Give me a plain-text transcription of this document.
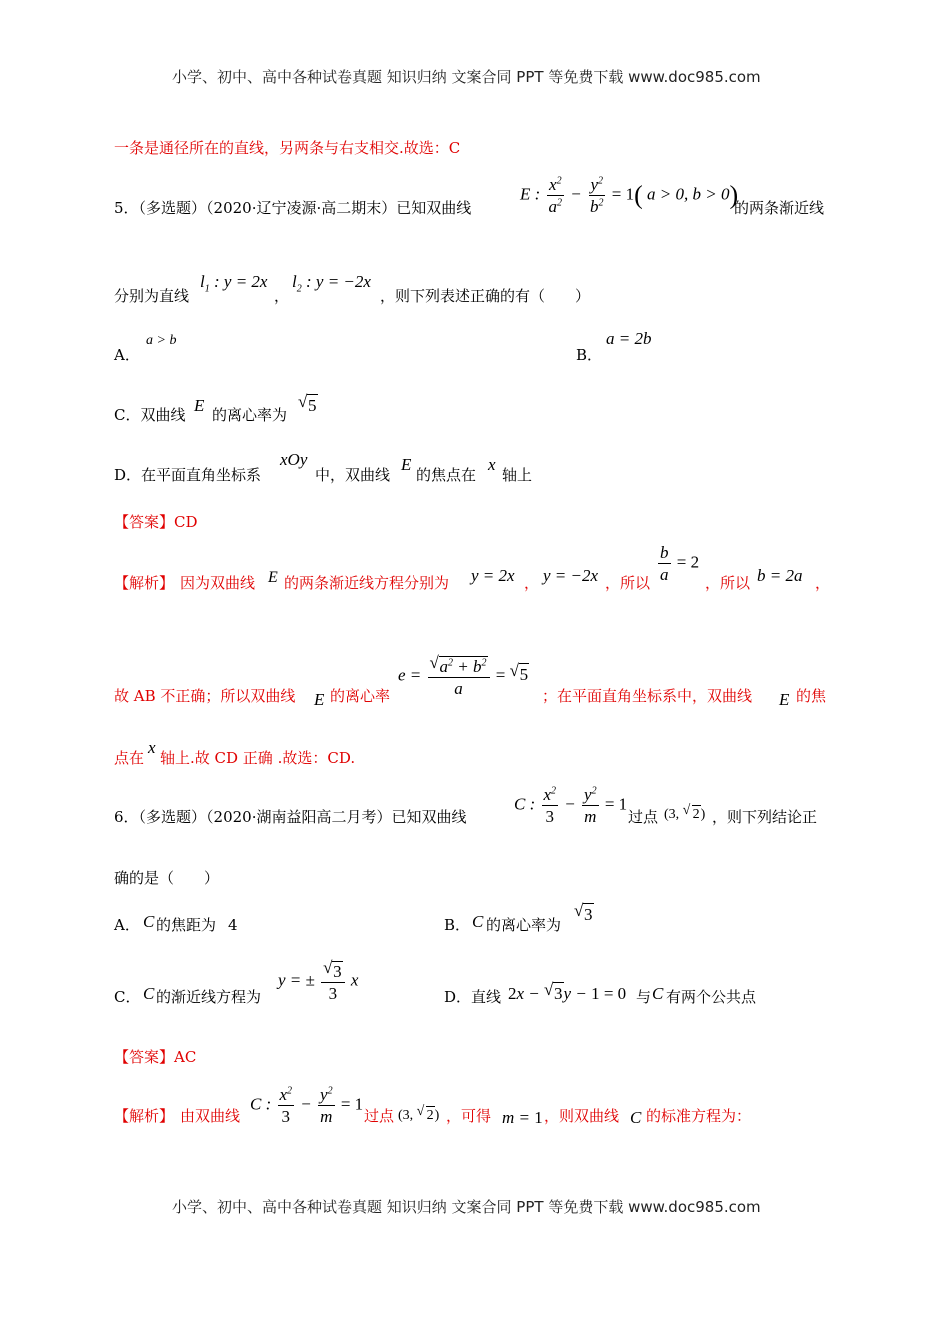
小学、初中、高中各种试卷真题 知识归纳 文案合同 PPT 等免费下载 www.doc985.com
一条是通径所在的直线，另两条与右支相交.故选：C
5．（多选题）（2020·辽宁凌源·高二期末）已知双曲线
E : $\frac{x^2}{a^2} - \frac{y^2}{b^2} = 1$( a > 0, b > 0)
的两条渐近线
分别为直线
$l_1$ : y = 2x
，
$l_2$ : y = −2x
，则下列表述正确的有（　　）
A．
a > b
B．
a = 2b
C．双曲线 E 的离心率为
√ 5
D．在平面直角坐标系
xOy
中，双曲线
E
的焦点在
x
轴上
【答案】CD
【解析】 因为双曲线 E 的两条渐近线方程分别为 y = 2x ， y = −2x ，所以 $\frac{b}{a} = 2$
，所以 b = 2a ，
故 AB 不正确；所以双曲线 E 的离心率
$e = \frac{√ a^2 + b^2}{a}$ = √ 5
；在平面直角坐标系中，双曲线 E 的焦
点在
x
轴上.故 CD 正确 .故选：CD.
6．（多选题）（2020·湖南益阳高二月考）已知双曲线
C : $\frac{x^2}{3} - \frac{y^2}{m} = 1$
过点 (3, √ 2) ，则下列结论正
确的是（　　）
A． C 的焦距为 4	B． C 的离心率为
√ 3
C． C 的渐近线方程为
y = ± $\frac{√ 3}{3}$ x
D．直线 2x − √ 3y − 1 = 0 与 C 有两个公共点
【答案】AC
【解析】 由双曲线
C : $\frac{x^2}{3} - \frac{y^2}{m} = 1$
过点 (3, √ 2) ，可得 m = 1 ，则双曲线 C 的标准方程为：
小学、初中、高中各种试卷真题 知识归纳 文案合同 PPT 等免费下载 www.doc985.com
